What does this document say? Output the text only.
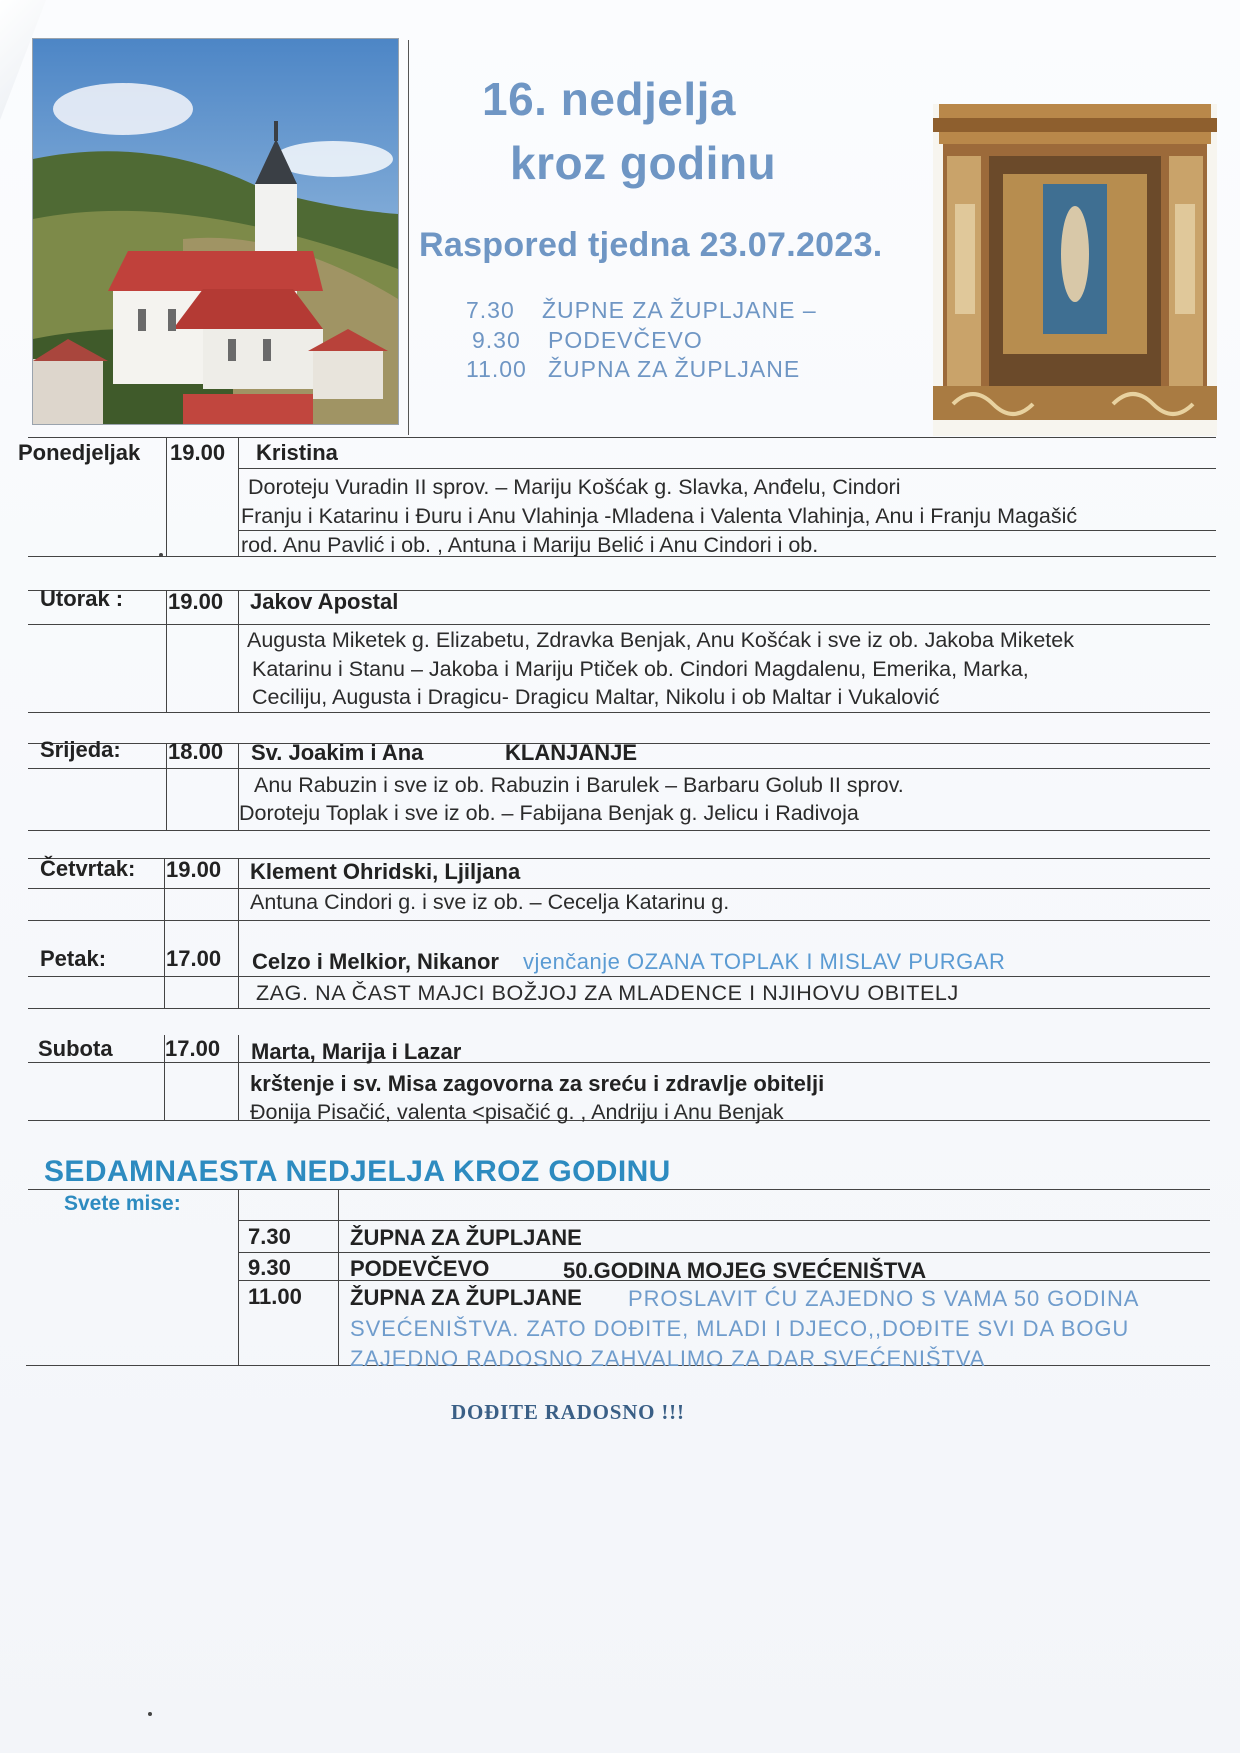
16. nedjelja
kroz godinu
Raspored tjedna 23.07.2023.
7.30 ŽUPNE ZA ŽUPLJANE –
9.30 PODEVČEVO
11.00 ŽUPNA ZA ŽUPLJANE
Ponedjeljak 19.00 Kristina
Doroteju Vuradin II sprov. – Mariju Košćak g. Slavka, Anđelu, Cindori
Franju i Katarinu i Đuru i Anu Vlahinja -Mladena i Valenta Vlahinja, Anu i Franju Magašić
rod. Anu Pavlić i ob. , Antuna i Mariju Belić i Anu Cindori i ob.
Utorak : 19.00 Jakov Apostal
Augusta Miketek g. Elizabetu, Zdravka Benjak, Anu Košćak i sve iz ob. Jakoba Miketek
Katarinu i Stanu – Jakoba i Mariju Ptiček ob. Cindori Magdalenu, Emerika, Marka,
Ceciliju, Augusta i Dragicu- Dragicu Maltar, Nikolu i ob Maltar i Vukalović
Srijeda: 18.00 Sv. Joakim i Ana	KLANJANJE
Anu Rabuzin i sve iz ob. Rabuzin i Barulek – Barbaru Golub II sprov.
Doroteju Toplak i sve iz ob. – Fabijana Benjak g. Jelicu i Radivoja
Četvrtak: 19.00 Klement Ohridski, Ljiljana
Antuna Cindori g. i sve iz ob. – Cecelja Katarinu g.
Petak:	17.00 Celzo i Melkior, Nikanor vjenčanje OZANA TOPLAK I MISLAV PURGAR
ZAG. NA ČAST MAJCI BOŽJOJ ZA MLADENCE I NJIHOVU OBITELJ
Subota 17.00 Marta, Marija i Lazar
krštenje i sv. Misa zagovorna za sreću i zdravlje obitelji
Đonija Pisačić, valenta <pisačić g. , Andriju i Anu Benjak
SEDAMNAESTA NEDJELJA KROZ GODINU
Svete mise:
7.30	ŽUPNA ZA ŽUPLJANE
9.30	PODEVČEVO	50.GODINA MOJEG SVEĆENIŠTVA
11.00 ŽUPNA ZA ŽUPLJANE	PROSLAVIT ĆU ZAJEDNO S VAMA 50 GODINA
SVEĆENIŠTVA. ZATO DOĐITE, MLADI I DJECO,,DOĐITE SVI DA BOGU
ZAJEDNO RADOSNO ZAHVALIMO ZA DAR SVEĆENIŠTVA
DOĐITE RADOSNO !!!
